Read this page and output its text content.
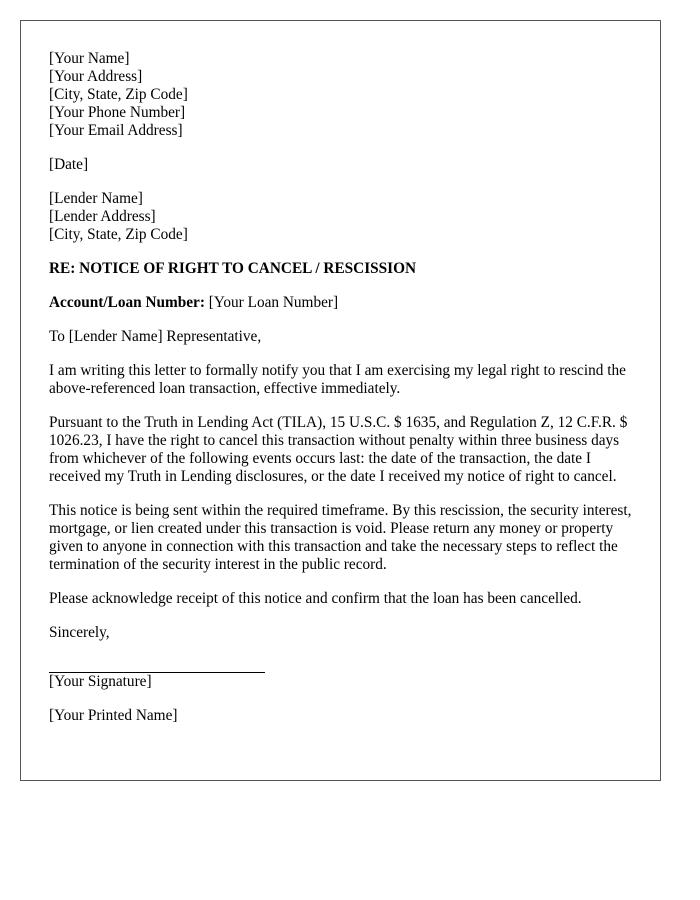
[Your Name]
[Your Address]
[City, State, Zip Code]
[Your Phone Number]
[Your Email Address]
[Date]
[Lender Name]
[Lender Address]
[City, State, Zip Code]
RE: NOTICE OF RIGHT TO CANCEL / RESCISSION
Account/Loan Number: [Your Loan Number]
To [Lender Name] Representative,

I am writing this letter to formally notify you that I am exercising my legal right to rescind the above-referenced loan transaction, effective immediately.

Pursuant to the Truth in Lending Act (TILA), 15 U.S.C. $ 1635, and Regulation Z, 12 C.F.R. $ 1026.23, I have the right to cancel this transaction without penalty within three business days from whichever of the following events occurs last: the date of the transaction, the date I received my Truth in Lending disclosures, or the date I received my notice of right to cancel.

This notice is being sent within the required timeframe. By this rescission, the security interest, mortgage, or lien created under this transaction is void. Please return any money or property given to anyone in connection with this transaction and take the necessary steps to reflect the termination of the security interest in the public record.

Please acknowledge receipt of this notice and confirm that the loan has been cancelled.

Sincerely,
[Your Signature]
[Your Printed Name]
